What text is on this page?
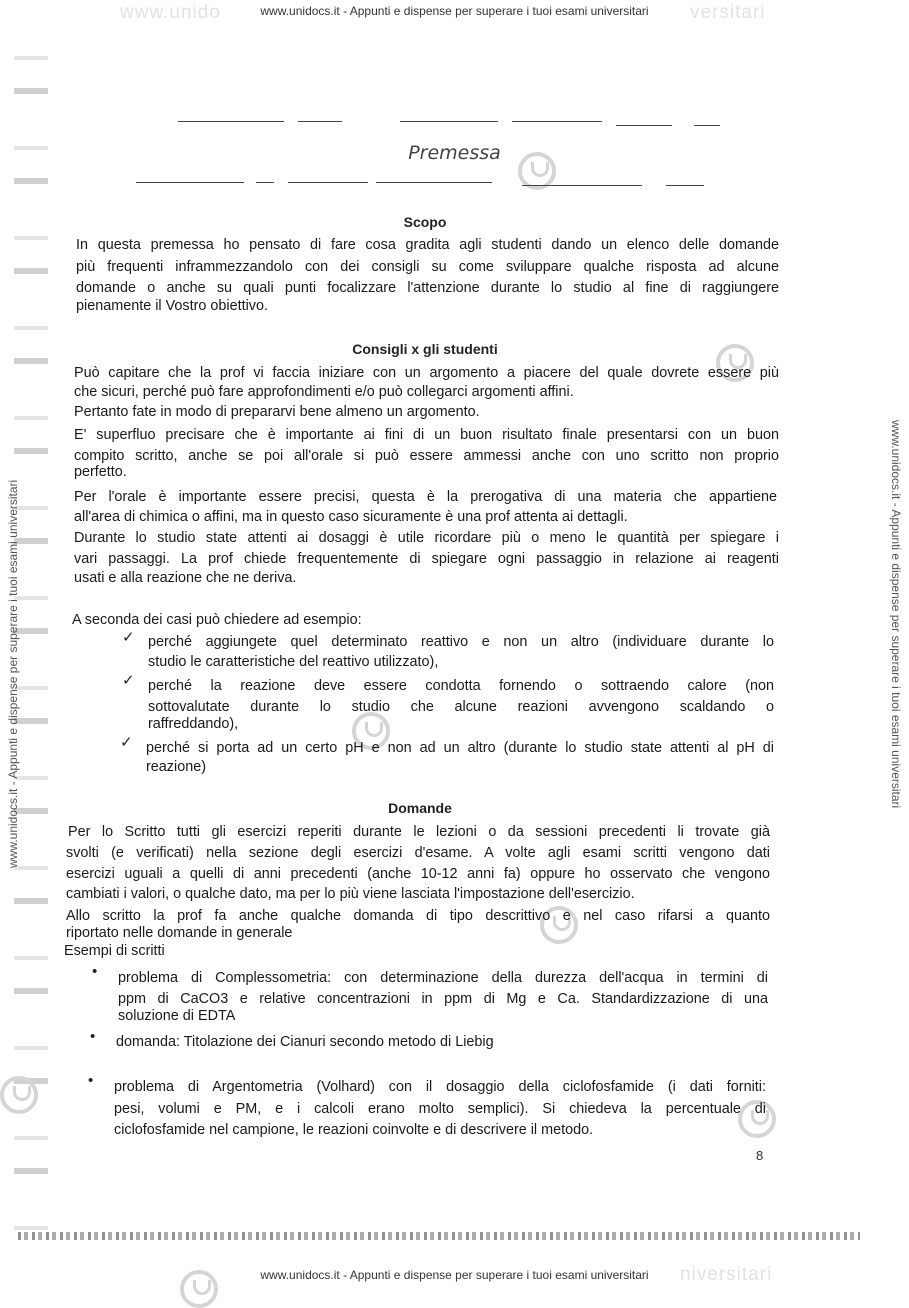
www.unido	versitari
niversitari
www.unidocs.it - Appunti e dispense per superare i tuoi esami universitari
www.unidocs.it - Appunti e dispense per superare i tuoi esami universitari
www.unidocs.it - Appunti e dispense per superare i tuoi esami universitari	www.unidocs.it - Appunti e dispense per superare i tuoi esami universitari
Premessa
Scopo
In questa premessa ho pensato di fare cosa gradita agli studenti dando un elenco delle domande
più frequenti inframmezzandolo con dei consigli su come sviluppare qualche risposta ad alcune
domande o anche su quali punti focalizzare l'attenzione durante lo studio al fine di raggiungere
pienamente il Vostro obiettivo.
Consigli x gli studenti
Può capitare che la prof vi faccia iniziare con un argomento a piacere del quale dovrete essere più
che sicuri, perché può fare approfondimenti e/o può collegarci argomenti affini.
Pertanto fate in modo di prepararvi bene almeno un argomento.
E' superfluo precisare che è importante ai fini di un buon risultato finale presentarsi con un buon
compito scritto, anche se poi all'orale si può essere ammessi anche con uno scritto non proprio
perfetto.
Per l'orale è importante essere precisi, questa è la prerogativa di una materia che appartiene
all'area di chimica o affini, ma in questo caso sicuramente è una prof attenta ai dettagli.
Durante lo studio state attenti ai dosaggi è utile ricordare più o meno le quantità per spiegare i
vari passaggi. La prof chiede frequentemente di spiegare ogni passaggio in relazione ai reagenti
usati e alla reazione che ne deriva.
A seconda dei casi può chiedere ad esempio:
✓ perché aggiungete quel determinato reattivo e non un altro (individuare durante lo
studio le caratteristiche del reattivo utilizzato),
✓ perché la reazione deve essere condotta fornendo o sottraendo calore (non
sottovalutate durante lo studio che alcune reazioni avvengono scaldando o
raffreddando),
✓ perché si porta ad un certo pH e non ad un altro (durante lo studio state attenti al pH di
reazione)
Domande
Per lo Scritto tutti gli esercizi reperiti durante le lezioni o da sessioni precedenti li trovate già
svolti (e verificati) nella sezione degli esercizi d'esame. A volte agli esami scritti vengono dati
esercizi uguali a quelli di anni precedenti (anche 10-12 anni fa) oppure ho osservato che vengono
cambiati i valori, o qualche dato, ma per lo più viene lasciata l'impostazione dell'esercizio.
Allo scritto la prof fa anche qualche domanda di tipo descrittivo e nel caso rifarsi a quanto
riportato nelle domande in generale
Esempi di scritti
• problema di Complessometria: con determinazione della durezza dell'acqua in termini di
ppm di CaCO3 e relative concentrazioni in ppm di Mg e Ca. Standardizzazione di una
soluzione di EDTA
• domanda: Titolazione dei Cianuri secondo metodo di Liebig
• problema di Argentometria (Volhard) con il dosaggio della ciclofosfamide (i dati forniti:
pesi, volumi e PM, e i calcoli erano molto semplici). Si chiedeva la percentuale di
ciclofosfamide nel campione, le reazioni coinvolte e di descrivere il metodo.
8
